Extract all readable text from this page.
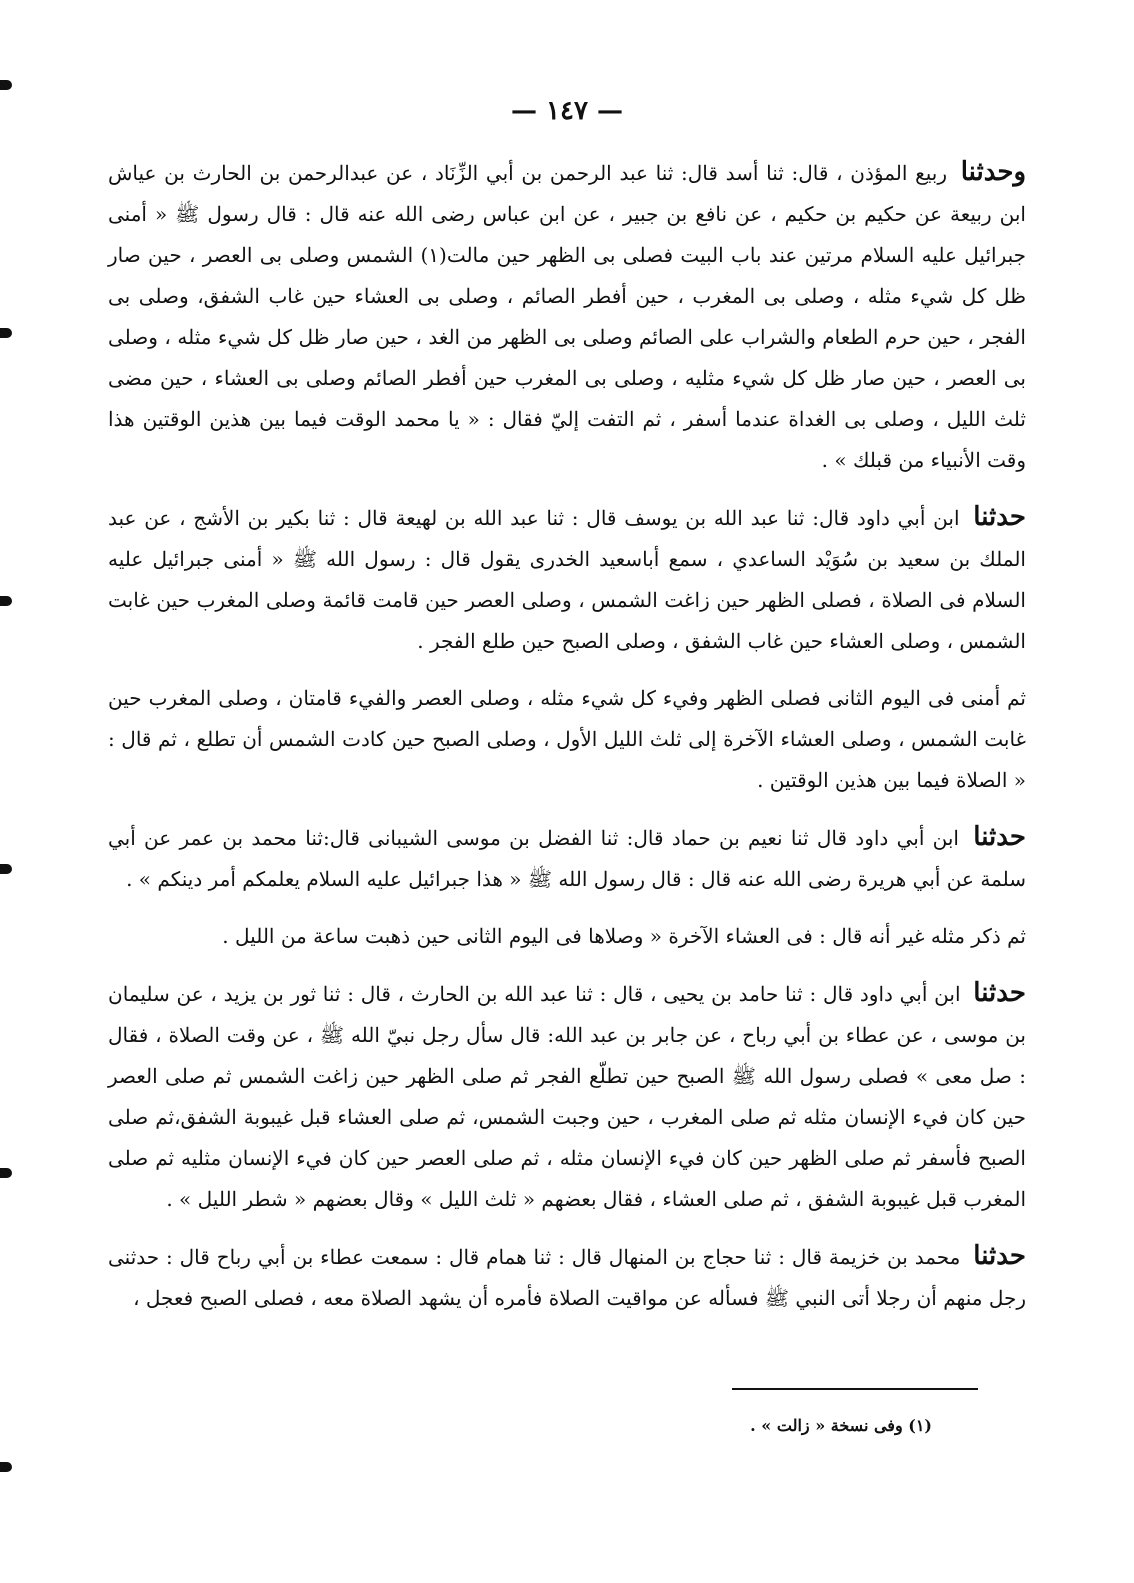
— ١٤٧ —

وحدثنا ربيع المؤذن ، قال: ثنا أسد قال: ثنا عبد الرحمن بن أبي الزِّنَاد ، عن عبدالرحمن بن الحارث بن عياش ابن ربيعة عن حكيم بن حكيم ، عن نافع بن جبير ، عن ابن عباس رضى الله عنه قال : قال رسول ﷺ « أمنى جبرائيل عليه السلام مرتين عند باب البيت فصلى بى الظهر حين مالت(١) الشمس وصلى بى العصر ، حين صار ظل كل شيء مثله ، وصلى بى المغرب ، حين أفطر الصائم ، وصلى بى العشاء حين غاب الشفق، وصلى بى الفجر ، حين حرم الطعام والشراب على الصائم وصلى بى الظهر من الغد ، حين صار ظل كل شيء مثله ، وصلى بى العصر ، حين صار ظل كل شيء مثليه ، وصلى بى المغرب حين أفطر الصائم وصلى بى العشاء ، حين مضى ثلث الليل ، وصلى بى الغداة عندما أسفر ، ثم التفت إليّ فقال : « يا محمد الوقت فيما بين هذين الوقتين هذا وقت الأنبياء من قبلك » .

حدثنا ابن أبي داود قال: ثنا عبد الله بن يوسف قال : ثنا عبد الله بن لهيعة قال : ثنا بكير بن الأشج ، عن عبد الملك بن سعيد بن سُوَيْد الساعدي ، سمع أباسعيد الخدرى يقول قال : رسول الله ﷺ « أمنى جبرائيل عليه السلام فى الصلاة ، فصلى الظهر حين زاغت الشمس ، وصلى العصر حين قامت قائمة وصلى المغرب حين غابت الشمس ، وصلى العشاء حين غاب الشفق ، وصلى الصبح حين طلع الفجر .

ثم أمنى فى اليوم الثانى فصلى الظهر وفيء كل شيء مثله ، وصلى العصر والفيء قامتان ، وصلى المغرب حين غابت الشمس ، وصلى العشاء الآخرة إلى ثلث الليل الأول ، وصلى الصبح حين كادت الشمس أن تطلع ، ثم قال : « الصلاة فيما بين هذين الوقتين .

حدثنا ابن أبي داود قال ثنا نعيم بن حماد قال: ثنا الفضل بن موسى الشيبانى قال:ثنا محمد بن عمر عن أبي سلمة عن أبي هريرة رضى الله عنه قال : قال رسول الله ﷺ « هذا جبرائيل عليه السلام يعلمكم أمر دينكم » .

ثم ذكر مثله غير أنه قال : فى العشاء الآخرة « وصلاها فى اليوم الثانى حين ذهبت ساعة من الليل .

حدثنا ابن أبي داود قال : ثنا حامد بن يحيى ، قال : ثنا عبد الله بن الحارث ، قال : ثنا ثور بن يزيد ، عن سليمان بن موسى ، عن عطاء بن أبي رباح ، عن جابر بن عبد الله: قال سأل رجل نبيّ الله ﷺ ، عن وقت الصلاة ، فقال : صل معى » فصلى رسول الله ﷺ الصبح حين تطلّع الفجر ثم صلى الظهر حين زاغت الشمس ثم صلى العصر حين كان فيء الإنسان مثله ثم صلى المغرب ، حين وجبت الشمس، ثم صلى العشاء قبل غيبوبة الشفق،ثم صلى الصبح فأسفر ثم صلى الظهر حين كان فيء الإنسان مثله ، ثم صلى العصر حين كان فيء الإنسان مثليه ثم صلى المغرب قبل غيبوبة الشفق ، ثم صلى العشاء ، فقال بعضهم « ثلث الليل » وقال بعضهم « شطر الليل » .

حدثنا محمد بن خزيمة قال : ثنا حجاج بن المنهال قال : ثنا همام قال : سمعت عطاء بن أبي رباح قال : حدثنى رجل منهم أن رجلا أتى النبي ﷺ فسأله عن مواقيت الصلاة فأمره أن يشهد الصلاة معه ، فصلى الصبح فعجل ،

(١) وفى نسخة « زالت » .
